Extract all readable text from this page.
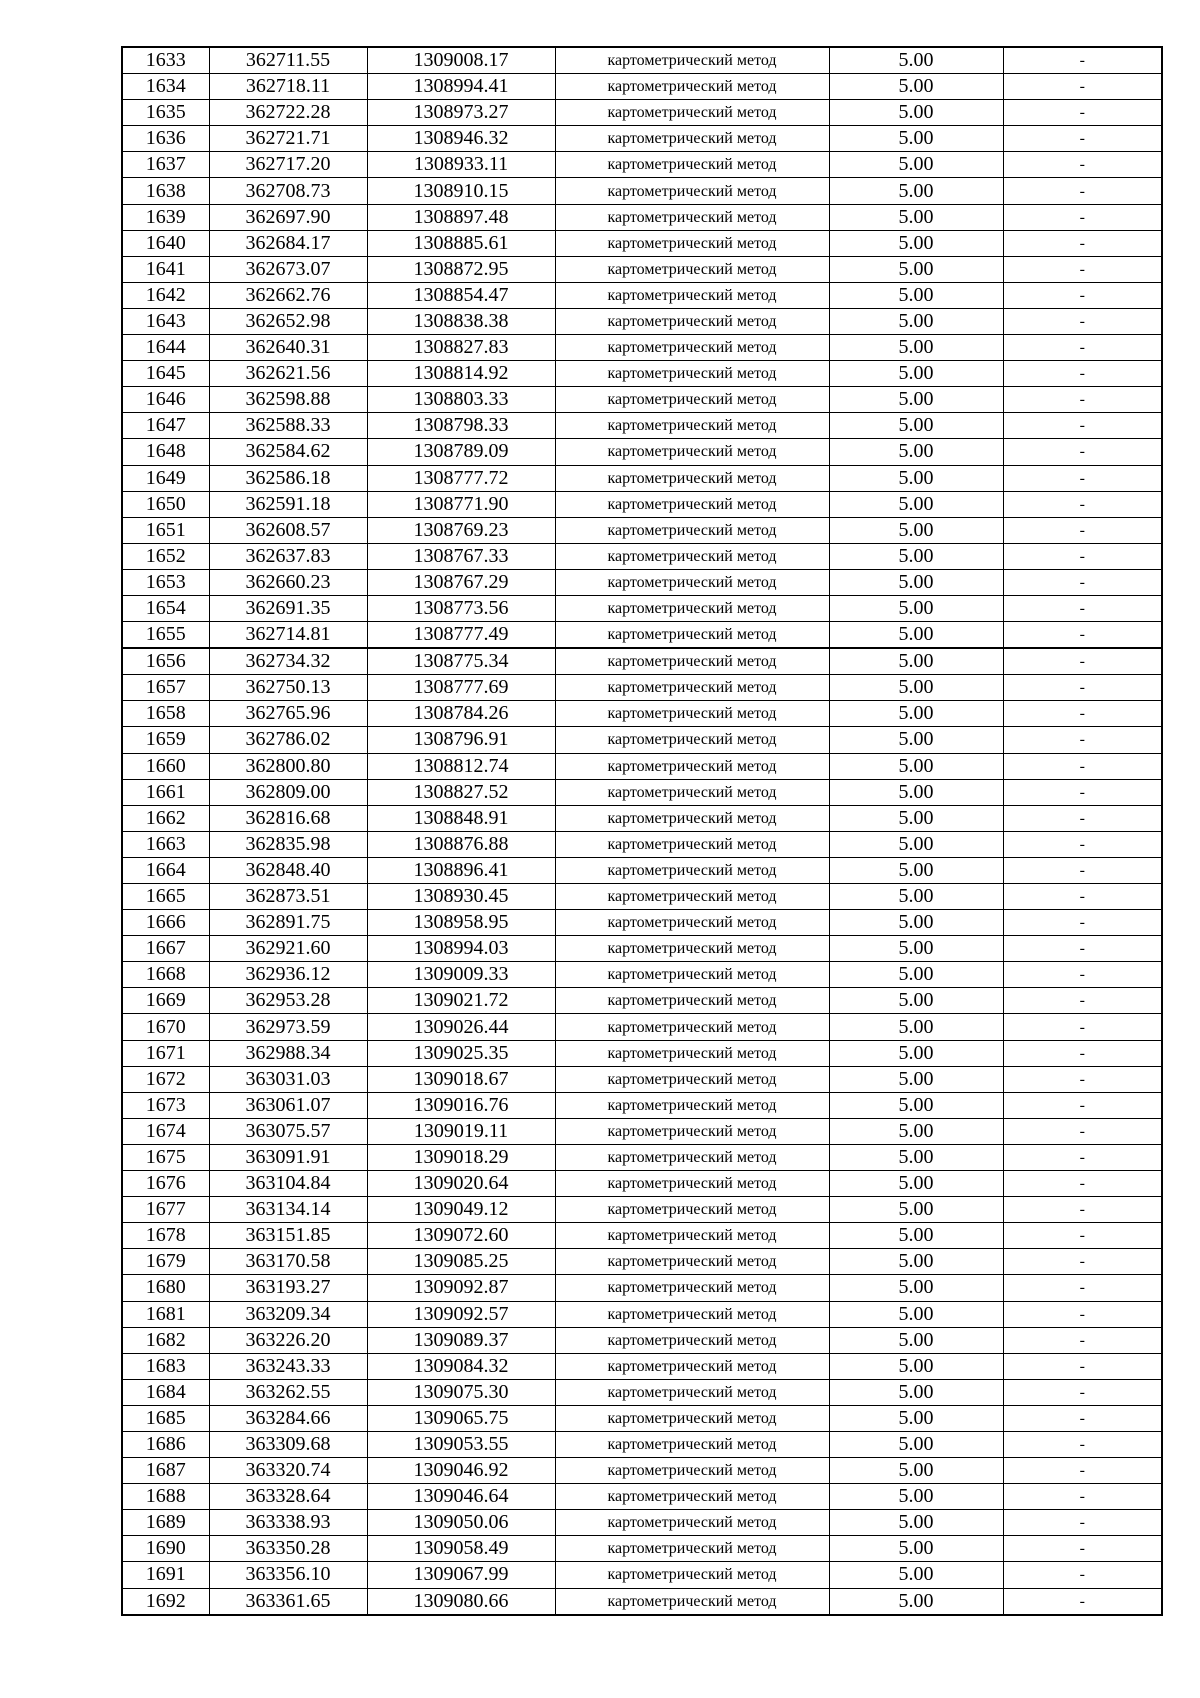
1633	362711.55	1309008.17	картометрический метод	5.00	-
1634	362718.11	1308994.41	картометрический метод	5.00	-
1635	362722.28	1308973.27	картометрический метод	5.00	-
1636	362721.71	1308946.32	картометрический метод	5.00	-
1637	362717.20	1308933.11	картометрический метод	5.00	-
1638	362708.73	1308910.15	картометрический метод	5.00	-
1639	362697.90	1308897.48	картометрический метод	5.00	-
1640	362684.17	1308885.61	картометрический метод	5.00	-
1641	362673.07	1308872.95	картометрический метод	5.00	-
1642	362662.76	1308854.47	картометрический метод	5.00	-
1643	362652.98	1308838.38	картометрический метод	5.00	-
1644	362640.31	1308827.83	картометрический метод	5.00	-
1645	362621.56	1308814.92	картометрический метод	5.00	-
1646	362598.88	1308803.33	картометрический метод	5.00	-
1647	362588.33	1308798.33	картометрический метод	5.00	-
1648	362584.62	1308789.09	картометрический метод	5.00	-
1649	362586.18	1308777.72	картометрический метод	5.00	-
1650	362591.18	1308771.90	картометрический метод	5.00	-
1651	362608.57	1308769.23	картометрический метод	5.00	-
1652	362637.83	1308767.33	картометрический метод	5.00	-
1653	362660.23	1308767.29	картометрический метод	5.00	-
1654	362691.35	1308773.56	картометрический метод	5.00	-
1655	362714.81	1308777.49	картометрический метод	5.00	-
1656	362734.32	1308775.34	картометрический метод	5.00	-
1657	362750.13	1308777.69	картометрический метод	5.00	-
1658	362765.96	1308784.26	картометрический метод	5.00	-
1659	362786.02	1308796.91	картометрический метод	5.00	-
1660	362800.80	1308812.74	картометрический метод	5.00	-
1661	362809.00	1308827.52	картометрический метод	5.00	-
1662	362816.68	1308848.91	картометрический метод	5.00	-
1663	362835.98	1308876.88	картометрический метод	5.00	-
1664	362848.40	1308896.41	картометрический метод	5.00	-
1665	362873.51	1308930.45	картометрический метод	5.00	-
1666	362891.75	1308958.95	картометрический метод	5.00	-
1667	362921.60	1308994.03	картометрический метод	5.00	-
1668	362936.12	1309009.33	картометрический метод	5.00	-
1669	362953.28	1309021.72	картометрический метод	5.00	-
1670	362973.59	1309026.44	картометрический метод	5.00	-
1671	362988.34	1309025.35	картометрический метод	5.00	-
1672	363031.03	1309018.67	картометрический метод	5.00	-
1673	363061.07	1309016.76	картометрический метод	5.00	-
1674	363075.57	1309019.11	картометрический метод	5.00	-
1675	363091.91	1309018.29	картометрический метод	5.00	-
1676	363104.84	1309020.64	картометрический метод	5.00	-
1677	363134.14	1309049.12	картометрический метод	5.00	-
1678	363151.85	1309072.60	картометрический метод	5.00	-
1679	363170.58	1309085.25	картометрический метод	5.00	-
1680	363193.27	1309092.87	картометрический метод	5.00	-
1681	363209.34	1309092.57	картометрический метод	5.00	-
1682	363226.20	1309089.37	картометрический метод	5.00	-
1683	363243.33	1309084.32	картометрический метод	5.00	-
1684	363262.55	1309075.30	картометрический метод	5.00	-
1685	363284.66	1309065.75	картометрический метод	5.00	-
1686	363309.68	1309053.55	картометрический метод	5.00	-
1687	363320.74	1309046.92	картометрический метод	5.00	-
1688	363328.64	1309046.64	картометрический метод	5.00	-
1689	363338.93	1309050.06	картометрический метод	5.00	-
1690	363350.28	1309058.49	картометрический метод	5.00	-
1691	363356.10	1309067.99	картометрический метод	5.00	-
1692	363361.65	1309080.66	картометрический метод	5.00	-
